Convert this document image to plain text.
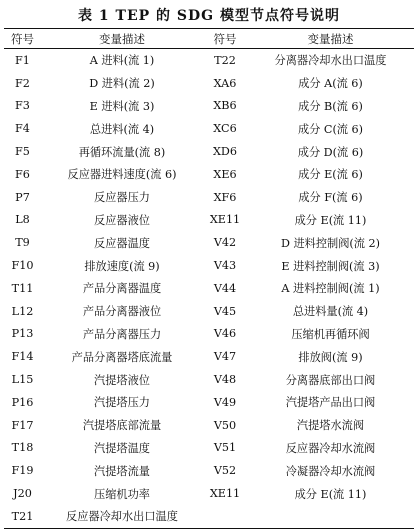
表 1 TEP 的 SDG 模型节点符号说明
符号	变量描述	符号	变量描述
F1	A 进料(流 1)	T22	分离器冷却水出口温度
F2	D 进料(流 2)	XA6	成分 A(流 6)
F3	E 进料(流 3)	XB6	成分 B(流 6)
F4	总进料(流 4)	XC6	成分 C(流 6)
F5	再循环流量(流 8)	XD6	成分 D(流 6)
F6	反应器进料速度(流 6)	XE6	成分 E(流 6)
P7	反应器压力	XF6	成分 F(流 6)
L8	反应器液位	XE11	成分 E(流 11)
T9	反应器温度	V42	D 进料控制阀(流 2)
F10	排放速度(流 9)	V43	E 进料控制阀(流 3)
T11	产品分离器温度	V44	A 进料控制阀(流 1)
L12	产品分离器液位	V45	总进料量(流 4)
P13	产品分离器压力	V46	压缩机再循环阀
F14	产品分离器塔底流量	V47	排放阀(流 9)
L15	汽提塔液位	V48	分离器底部出口阀
P16	汽提塔压力	V49	汽提塔产品出口阀
F17	汽提塔底部流量	V50	汽提塔水流阀
T18	汽提塔温度	V51	反应器冷却水流阀
F19	汽提塔流量	V52	冷凝器冷却水流阀
J20	压缩机功率	XE11	成分 E(流 11)
T21	反应器冷却水出口温度		
